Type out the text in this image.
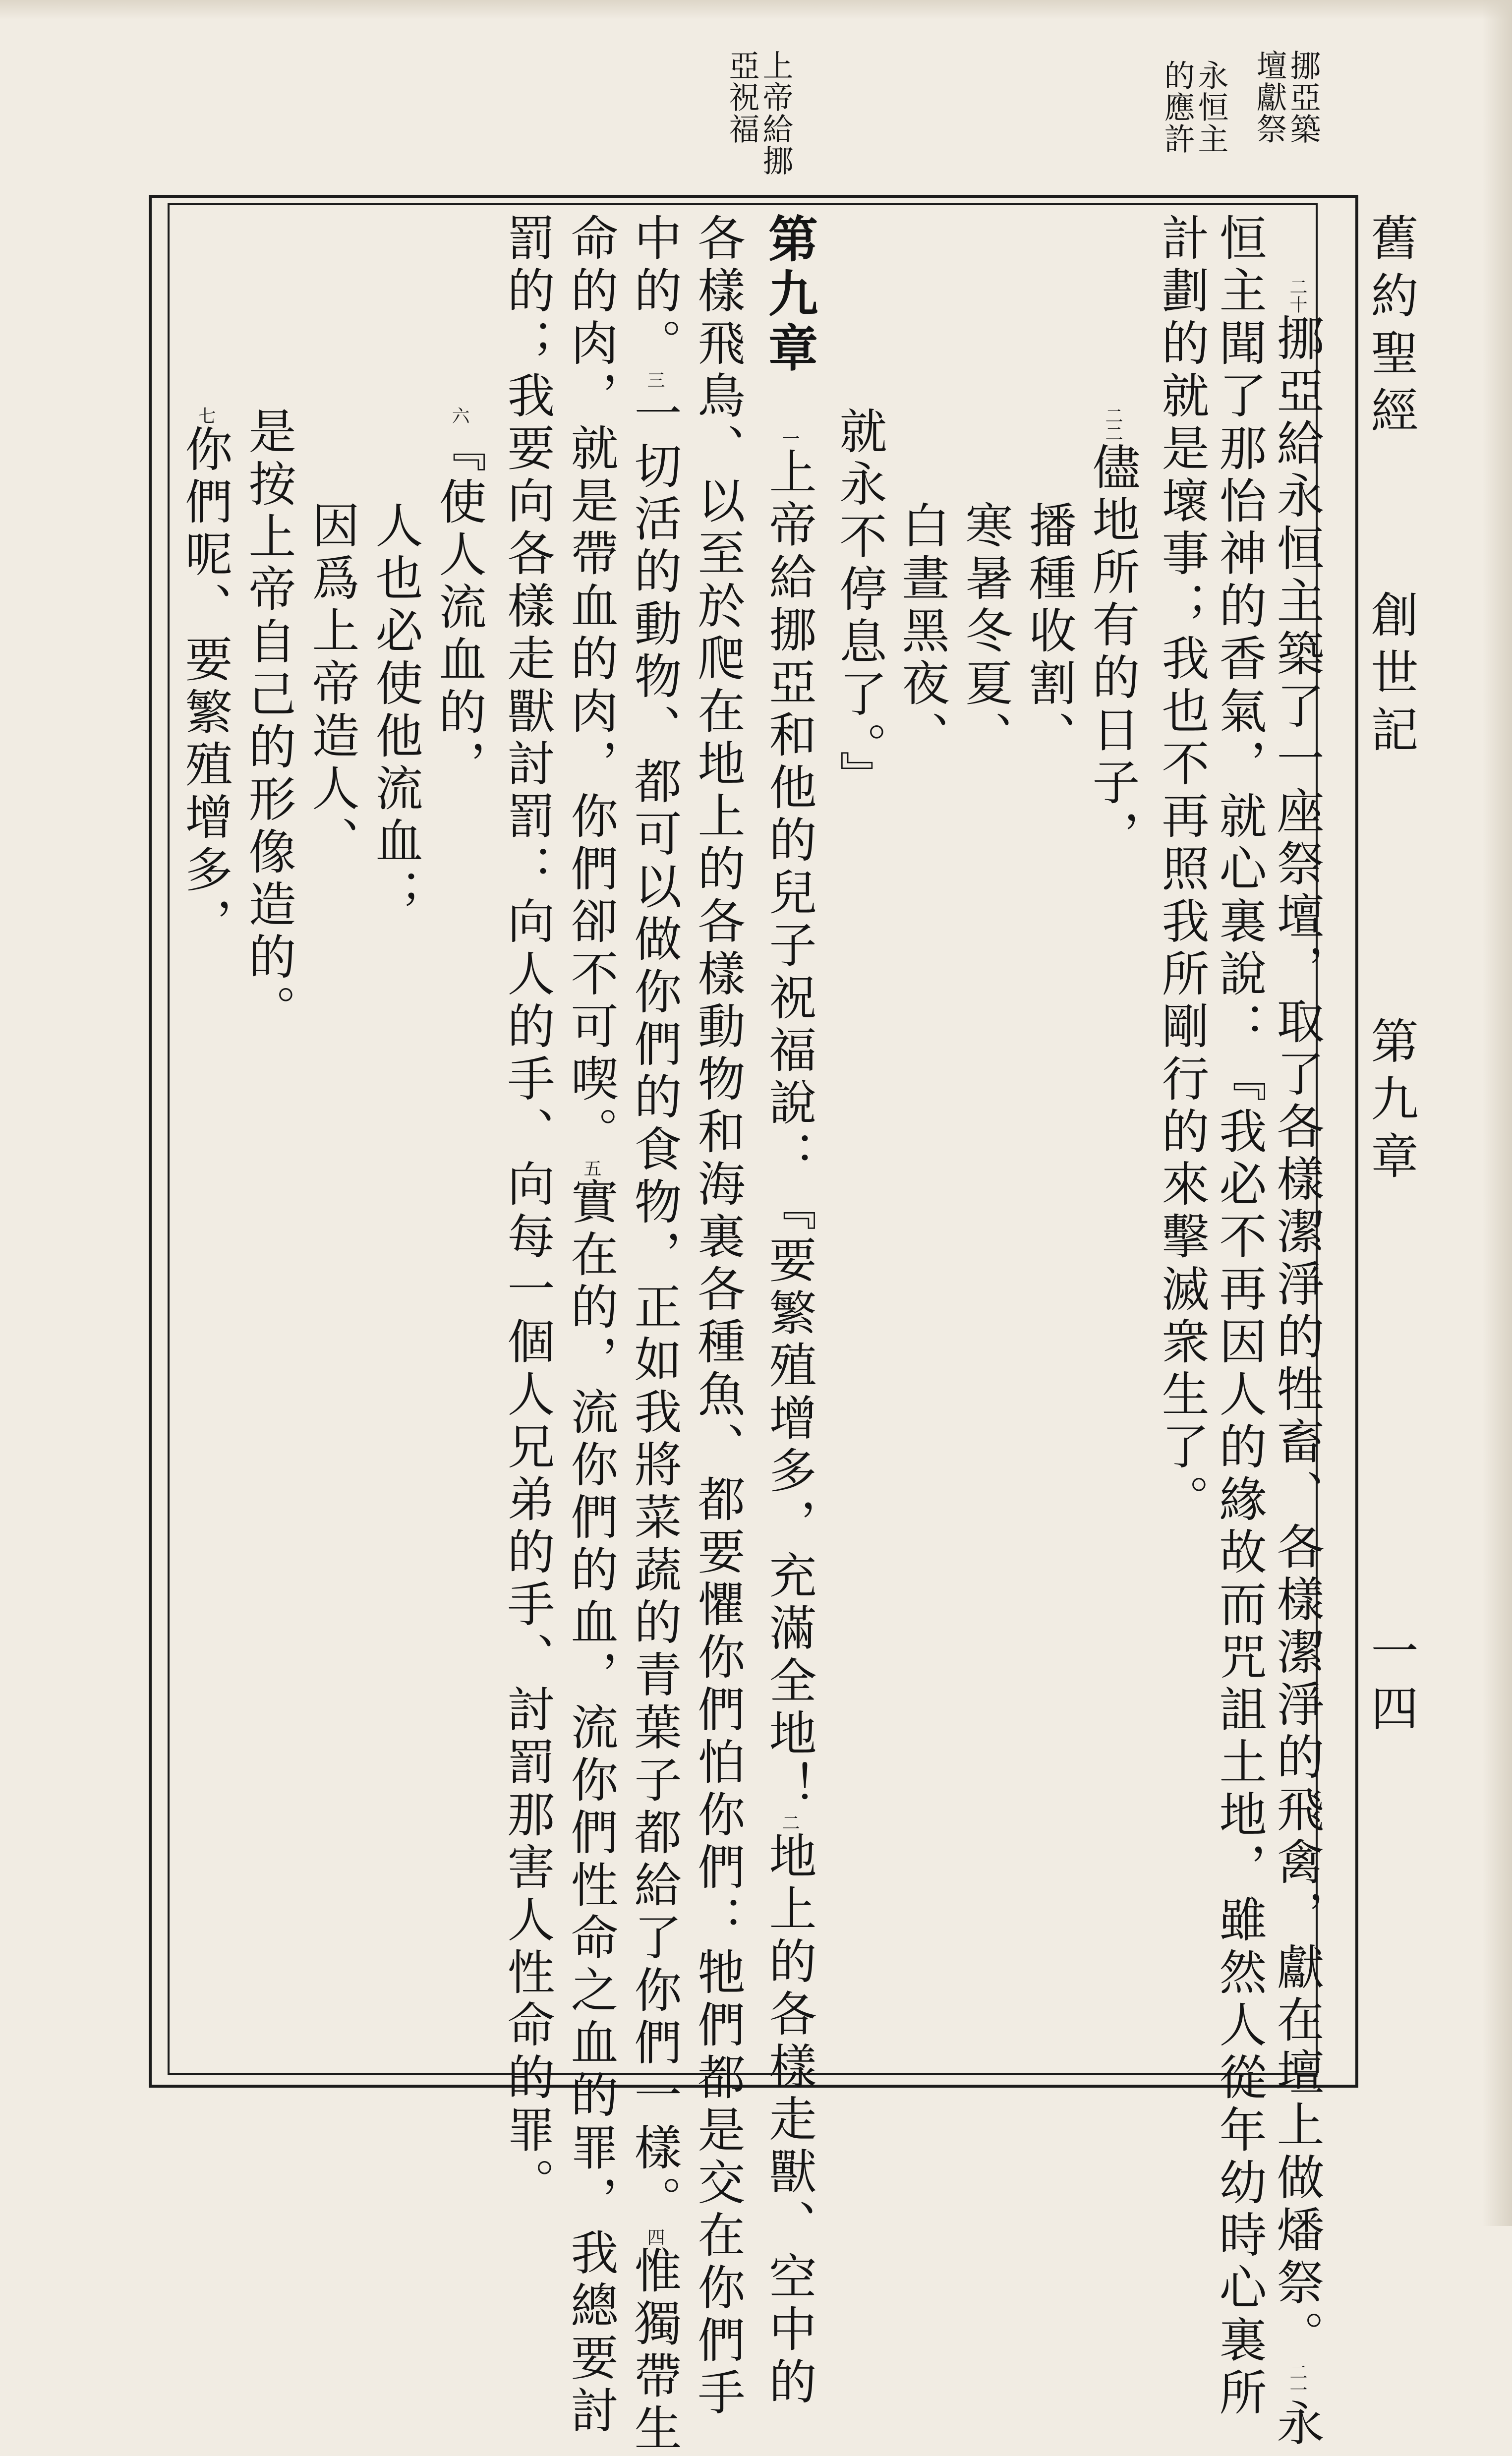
舊約聖經
創世記
第九章
一四
挪亞築壇獻祭
永恒主的應許
上帝給挪亞祝福
二十挪亞給永恒主築了一座祭壇，取了各樣潔淨的牲畜、各樣潔淨的飛禽，獻在壇上做燔祭。二一永
恒主聞了那怡神的香氣，就心裏說：『我必不再因人的緣故而咒詛土地，雖然人從年幼時心裏所
計劃的就是壞事；我也不再照我所剛行的來擊滅衆生了。
二二儘地所有的日子，
播種收割、
寒暑冬夏、
白晝黑夜、
就永不停息了。』
第九章　一上帝給挪亞和他的兒子祝福說：『要繁殖增多，充滿全地！二地上的各樣走獸、空中的
各樣飛鳥、以至於爬在地上的各樣動物和海裏各種魚、都要懼你們怕你們：牠們都是交在你們手
中的。三一切活的動物、都可以做你們的食物，正如我將菜蔬的青葉子都給了你們一樣。四惟獨帶生
命的肉，就是帶血的肉，你們卻不可喫。五實在的，流你們的血，流你們性命之血的罪，我總要討
罰的；我要向各樣走獸討罰：向人的手、向每一個人兄弟的手、討罰那害人性命的罪。
六『使人流血的，
人也必使他流血；
因爲上帝造人、
是按上帝自己的形像造的。
七你們呢、要繁殖增多，
